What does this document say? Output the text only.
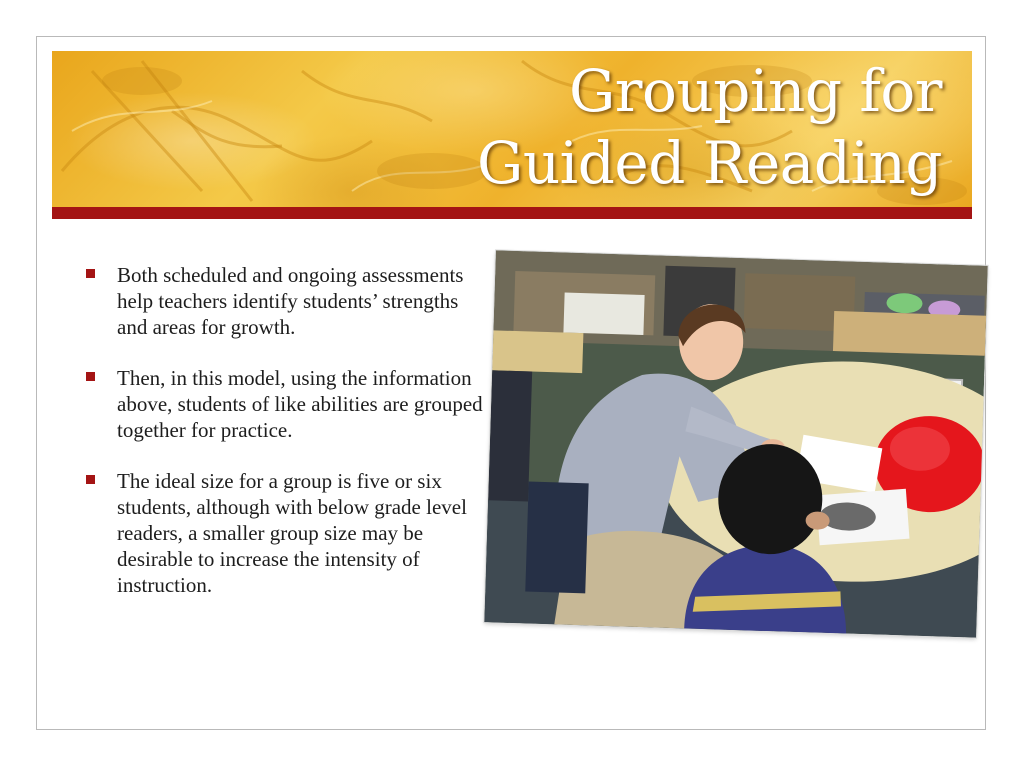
Grouping for
Guided Reading
Both scheduled and ongoing assessments help teachers identify students’ strengths and areas for growth.
Then, in this model, using the information above, students of like abilities are grouped together for practice.
The ideal size for a group is five or six students, although with below grade level readers, a smaller group size may be desirable to increase the intensity of instruction.
